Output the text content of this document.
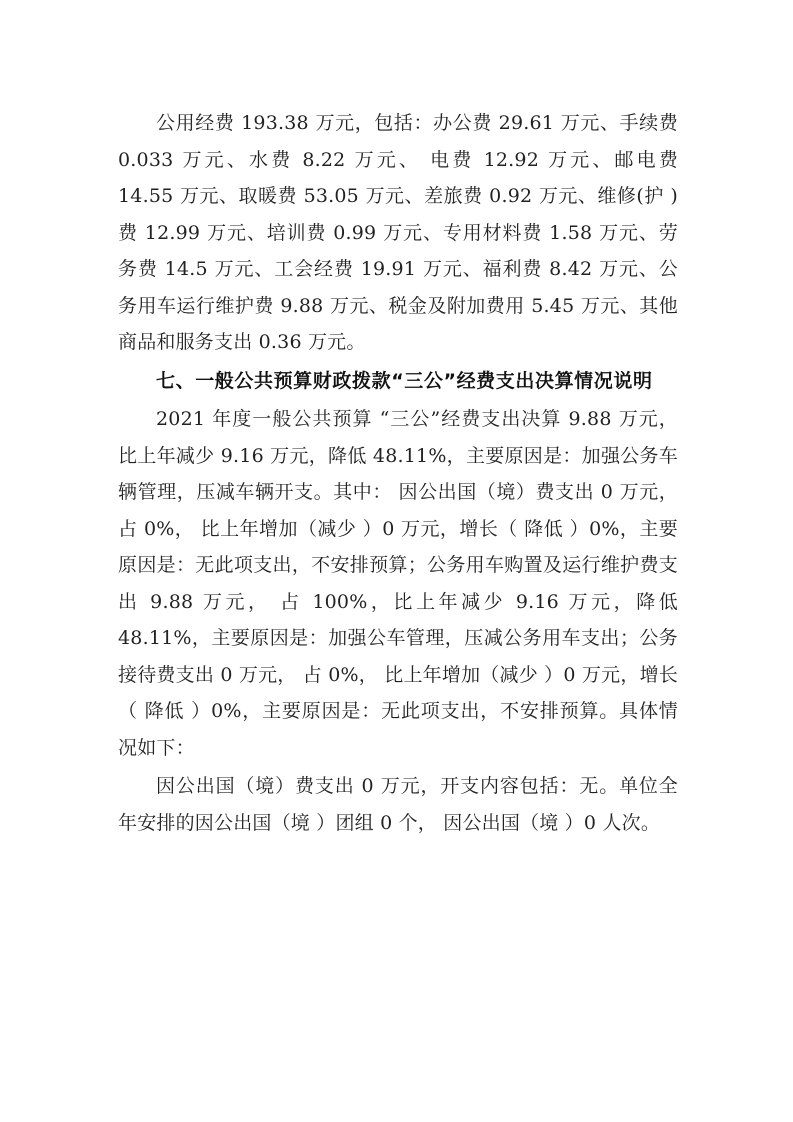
公用经费 193.38 万元，包括：办公费 29.61 万元、手续费 0.033 万元、水费 8.22 万元、 电费 12.92 万元、邮电费 14.55 万元、取暖费 53.05 万元、差旅费 0.92 万元、维修(护 ) 费 12.99 万元、培训费 0.99 万元、专用材料费 1.58 万元、劳务费 14.5 万元、工会经费 19.91 万元、福利费 8.42 万元、公务用车运行维护费 9.88 万元、税金及附加费用 5.45 万元、其他商品和服务支出 0.36 万元。

七、一般公共预算财政拨款“三公”经费支出决算情况说明

2021 年度一般公共预算 “三公”经费支出决算 9.88 万元， 比上年减少 9.16 万元，降低 48.11%，主要原因是：加强公务车辆管理，压减车辆开支。其中： 因公出国（境）费支出 0 万元， 占 0%， 比上年增加（减少 ）0 万元，增长（ 降低 ）0%，主要原因是：无此项支出，不安排预算；公务用车购置及运行维护费支出 9.88 万元， 占 100%，比上年减少 9.16 万元，降低 48.11%，主要原因是：加强公车管理，压减公务用车支出；公务接待费支出 0 万元， 占 0%， 比上年增加（减少 ）0 万元，增长（ 降低 ）0%，主要原因是：无此项支出，不安排预算。具体情况如下：

因公出国（境）费支出 0 万元，开支内容包括：无。单位全年安排的因公出国（境 ）团组 0 个， 因公出国（境 ）0 人次。
